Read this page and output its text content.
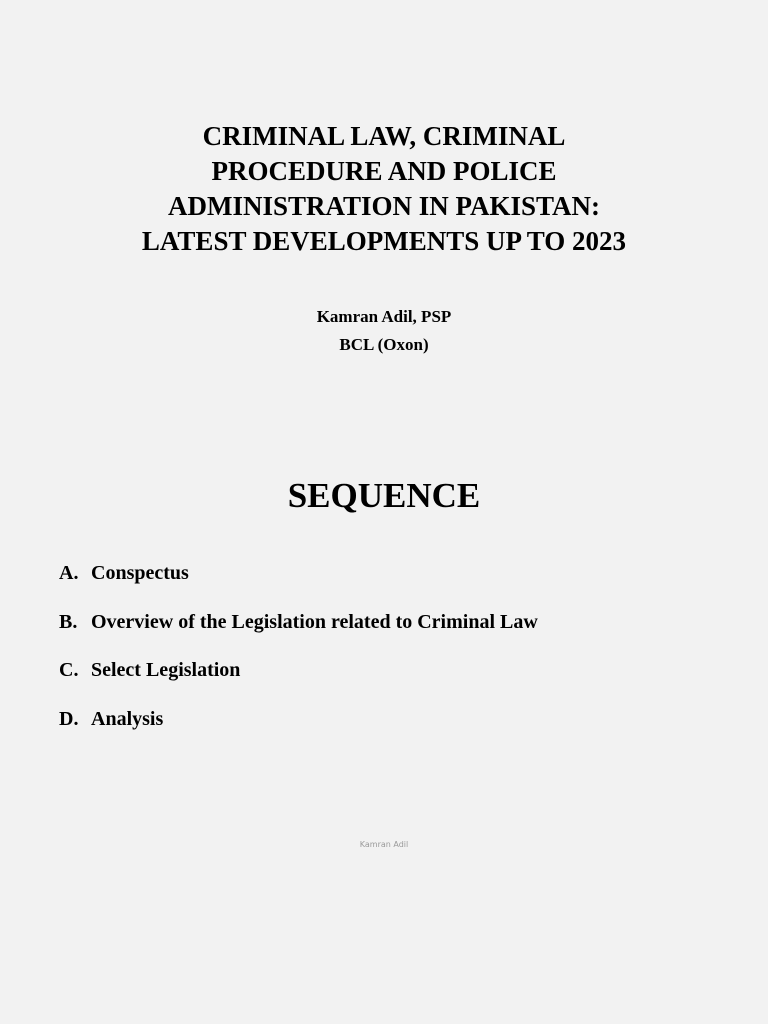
CRIMINAL LAW, CRIMINAL
PROCEDURE AND POLICE
ADMINISTRATION IN PAKISTAN:
LATEST DEVELOPMENTS UP TO 2023
Kamran Adil, PSP
BCL (Oxon)
SEQUENCE
A. Conspectus
B. Overview of the Legislation related to Criminal Law
C. Select Legislation
D. Analysis
Kamran Adil
